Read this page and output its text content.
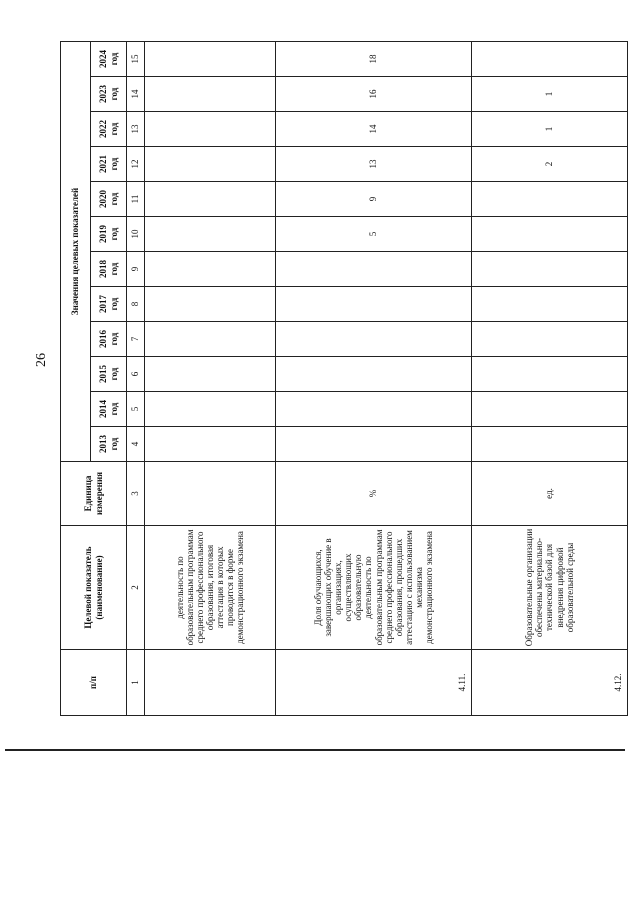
26
п/п	Целевой показатель (наименование)	Единица измерения	Значения целевых показателей											
			2013 год	2014 год	2015 год	2016 год	2017 год	2018 год	2019 год	2020 год	2021 год	2022 год	2023 год	2024 год
1	2	3	4	5	6	7	8	9	10	11	12	13	14	15
	деятельность по образовательным программам среднего профессионального образования, итоговая аттестация в которых проводится в форме демонстрационного экзамена													
4.11.	Доля обучающихся, завершающих обучение в организациях, осуществляющих образовательную деятельность по образовательным программам среднего профессионального образования, прошедших аттестацию с использованием механизма демонстрационного экзамена	%							5	9	13	14	16	18
4.12.	Образовательные организации обеспечены материально-технической базой для внедрения цифровой образовательной среды	ед.									2	1	1	
